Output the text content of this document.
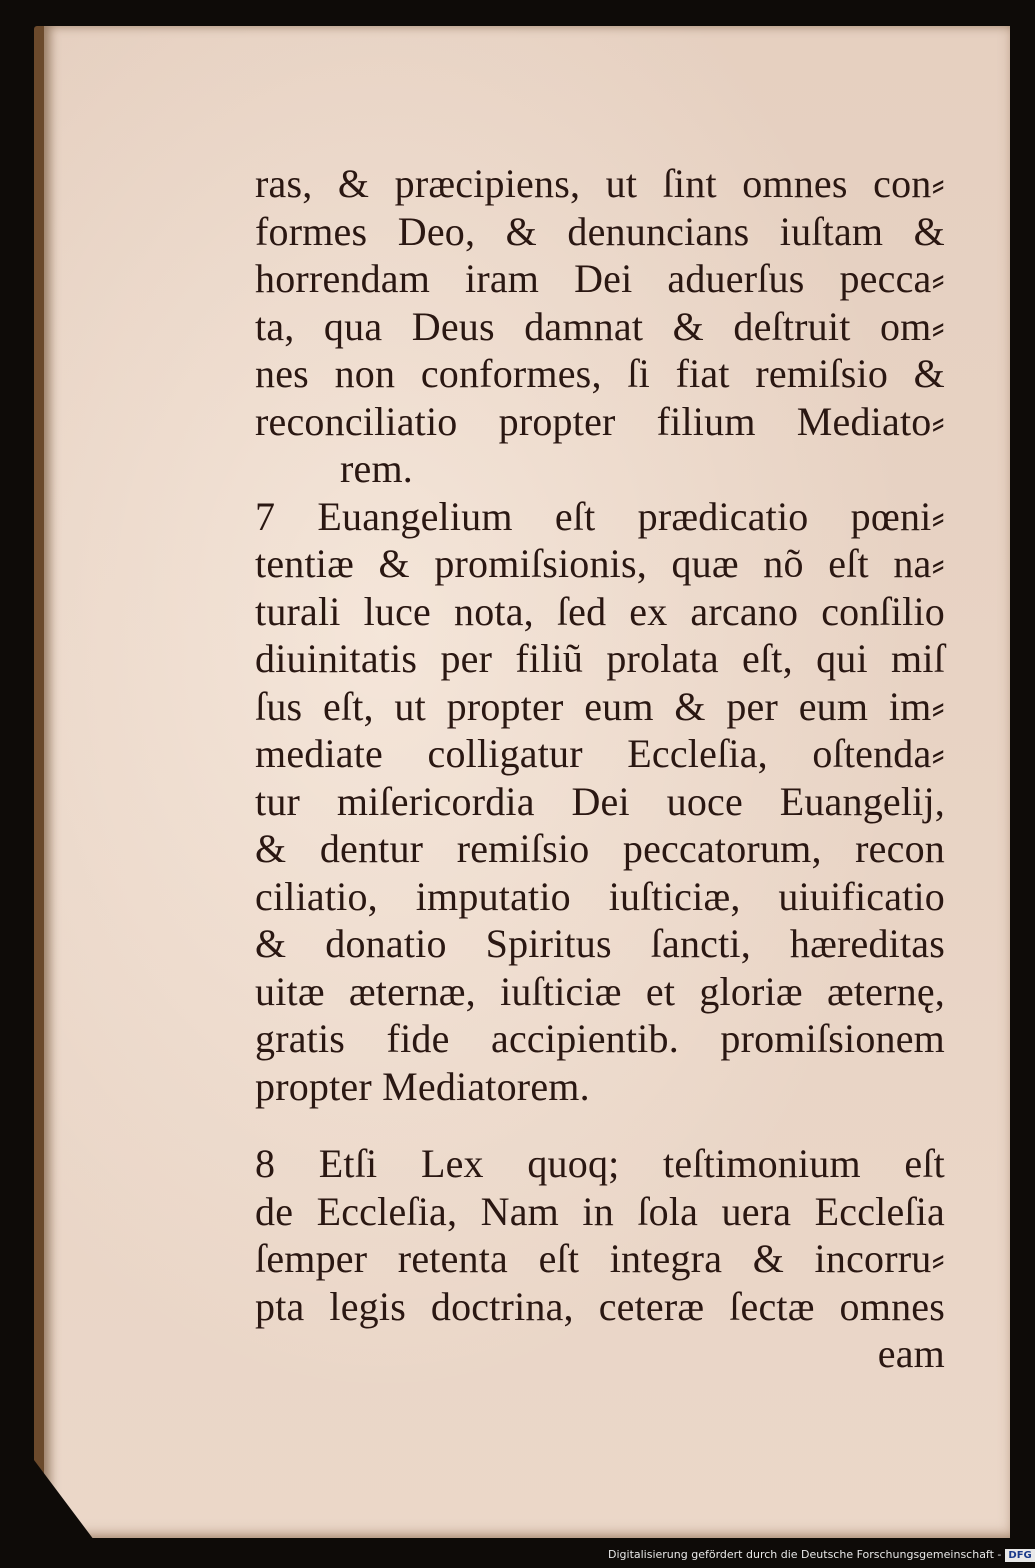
ras, & præcipiens, ut ſint omnes con⸗
formes Deo, & denuncians iuſtam &
horrendam iram Dei aduerſus pecca⸗
ta, qua Deus damnat & deſtruit om⸗
nes non conformes, ſi fiat remiſsio &
reconciliatio propter filium Mediato⸗
rem.
7 Euangelium eſt prædicatio pœni⸗
tentiæ & promiſsionis, quæ nõ eſt na⸗
turali luce nota, ſed ex arcano conſilio
diuinitatis per filiũ prolata eſt, qui miſ
ſus eſt, ut propter eum & per eum im⸗
mediate colligatur Eccleſia, oſtenda⸗
tur miſericordia Dei uoce Euangelij,
& dentur remiſsio peccatorum, recon
ciliatio, imputatio iuſticiæ, uiuificatio
& donatio Spiritus ſancti, hæreditas
uitæ æternæ, iuſticiæ et gloriæ æternę,
gratis fide accipientib. promiſsionem
propter Mediatorem.
8 Etſi Lex quoq; teſtimonium eſt
de Eccleſia, Nam in ſola uera Eccleſia
ſemper retenta eſt integra & incorru⸗
pta legis doctrina, ceteræ ſectæ omnes
eam
Digitalisierung gefördert durch die Deutsche Forschungsgemeinschaft - DFG
